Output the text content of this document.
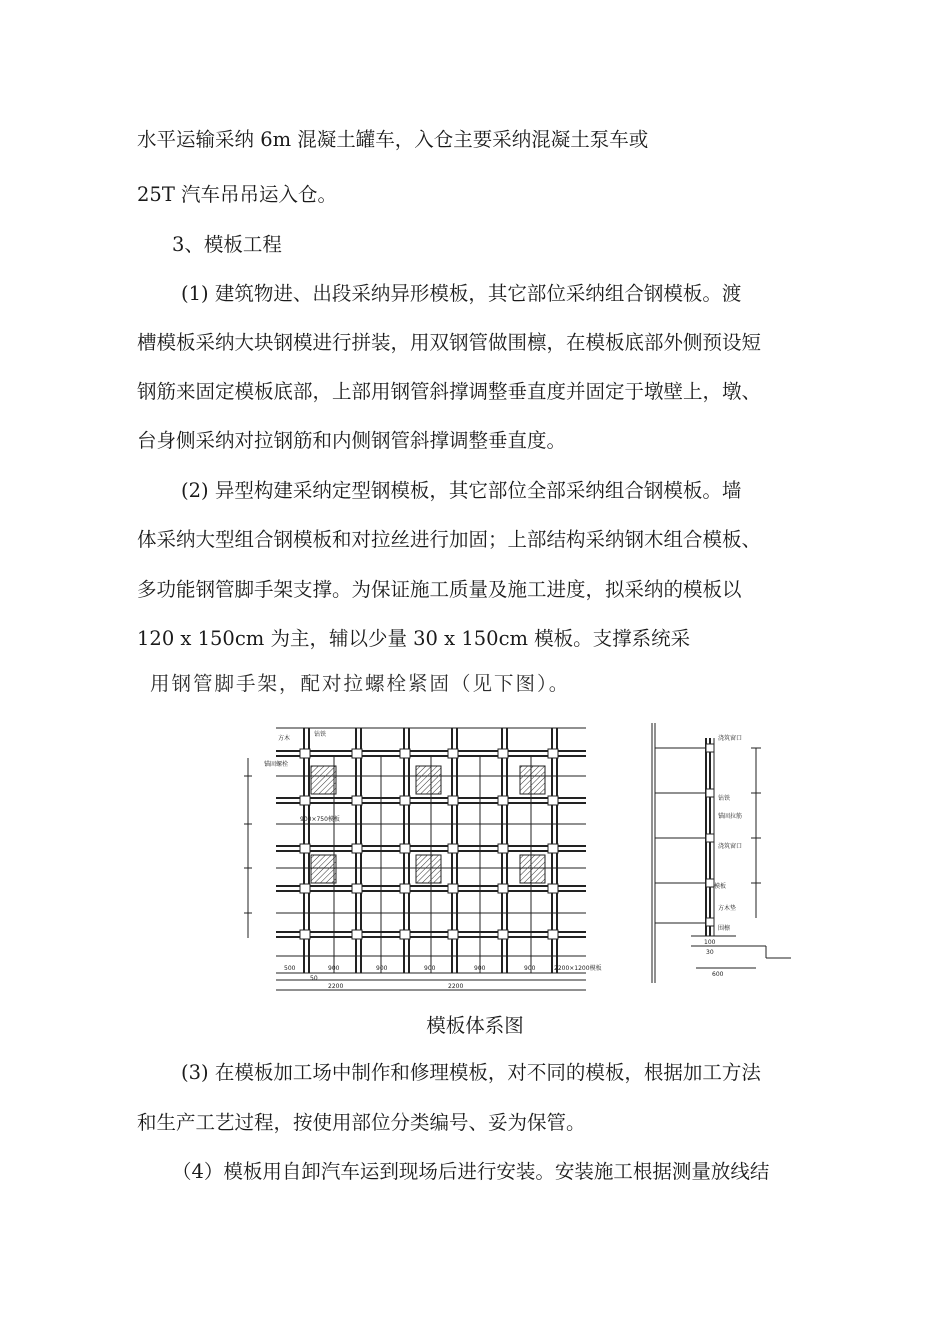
水平运输采纳 6m 混凝土罐车，入仓主要采纳混凝土泵车或
25T 汽车吊吊运入仓。
3、模板工程
(1) 建筑物进、出段采纳异形模板，其它部位采纳组合钢模板。渡
槽模板采纳大块钢模进行拼装，用双钢管做围檩，在模板底部外侧预设短
钢筋来固定模板底部，上部用钢管斜撑调整垂直度并固定于墩壁上，墩、
台身侧采纳对拉钢筋和内侧钢管斜撑调整垂直度。
(2) 异型构建采纳定型钢模板，其它部位全部采纳组合钢模板。墙
体采纳大型组合钢模板和对拉丝进行加固；上部结构采纳钢木组合模板、
多功能钢管脚手架支撑。为保证施工质量及施工进度，拟采纳的模板以
120 x 150cm 为主，辅以少量 30 x 150cm 模板。支撑系统采
用钢管脚手架，配对拉螺栓紧固（见下图）。
方木
钻铁
锚固螺栓
900×750模板
500
50
900	900	900	900	900
2200	2200
2200×1200模板
浇筑窗口
钻铁
锚固拉筋
浇筑窗口
模板
方木垫
围檩
30
600
100
模板体系图
(3) 在模板加工场中制作和修理模板，对不同的模板，根据加工方法
和生产工艺过程，按使用部位分类编号、妥为保管。
（4）模板用自卸汽车运到现场后进行安装。安装施工根据测量放线结
